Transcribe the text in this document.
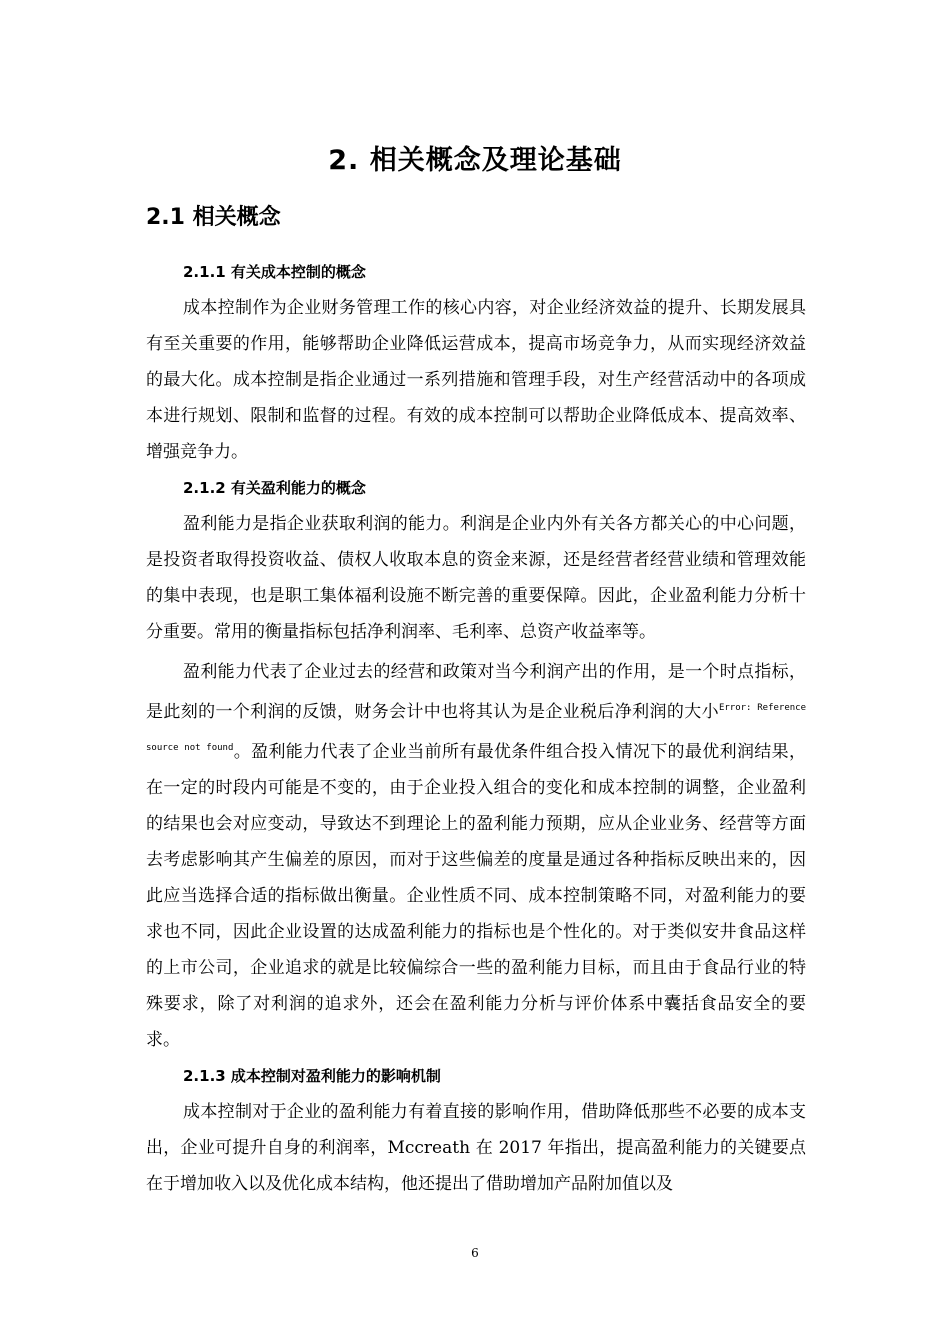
2. 相关概念及理论基础
2.1 相关概念
2.1.1 有关成本控制的概念

成本控制作为企业财务管理工作的核心内容，对企业经济效益的提升、长期发展具有至关重要的作用，能够帮助企业降低运营成本，提高市场竞争力，从而实现经济效益的最大化。成本控制是指企业通过一系列措施和管理手段，对生产经营活动中的各项成本进行规划、限制和监督的过程。有效的成本控制可以帮助企业降低成本、提高效率、增强竞争力。

2.1.2 有关盈利能力的概念

盈利能力是指企业获取利润的能力。利润是企业内外有关各方都关心的中心问题，是投资者取得投资收益、债权人收取本息的资金来源，还是经营者经营业绩和管理效能的集中表现，也是职工集体福利设施不断完善的重要保障。因此，企业盈利能力分析十分重要。常用的衡量指标包括净利润率、毛利率、总资产收益率等。

盈利能力代表了企业过去的经营和政策对当今利润产出的作用，是一个时点指标，是此刻的一个利润的反馈，财务会计中也将其认为是企业税后净利润的大小$^{Error: Reference source not found}$。盈利能力代表了企业当前所有最优条件组合投入情况下的最优利润结果，在一定的时段内可能是不变的，由于企业投入组合的变化和成本控制的调整，企业盈利的结果也会对应变动，导致达不到理论上的盈利能力预期，应从企业业务、经营等方面去考虑影响其产生偏差的原因，而对于这些偏差的度量是通过各种指标反映出来的，因此应当选择合适的指标做出衡量。企业性质不同、成本控制策略不同，对盈利能力的要求也不同，因此企业设置的达成盈利能力的指标也是个性化的。对于类似安井食品这样的上市公司，企业追求的就是比较偏综合一些的盈利能力目标，而且由于食品行业的特殊要求，除了对利润的追求外，还会在盈利能力分析与评价体系中囊括食品安全的要求。

2.1.3 成本控制对盈利能力的影响机制

成本控制对于企业的盈利能力有着直接的影响作用，借助降低那些不必要的成本支出，企业可提升自身的利润率，Mccreath 在 2017 年指出，提高盈利能力的关键要点在于增加收入以及优化成本结构，他还提出了借助增加产品附加值以及

6
